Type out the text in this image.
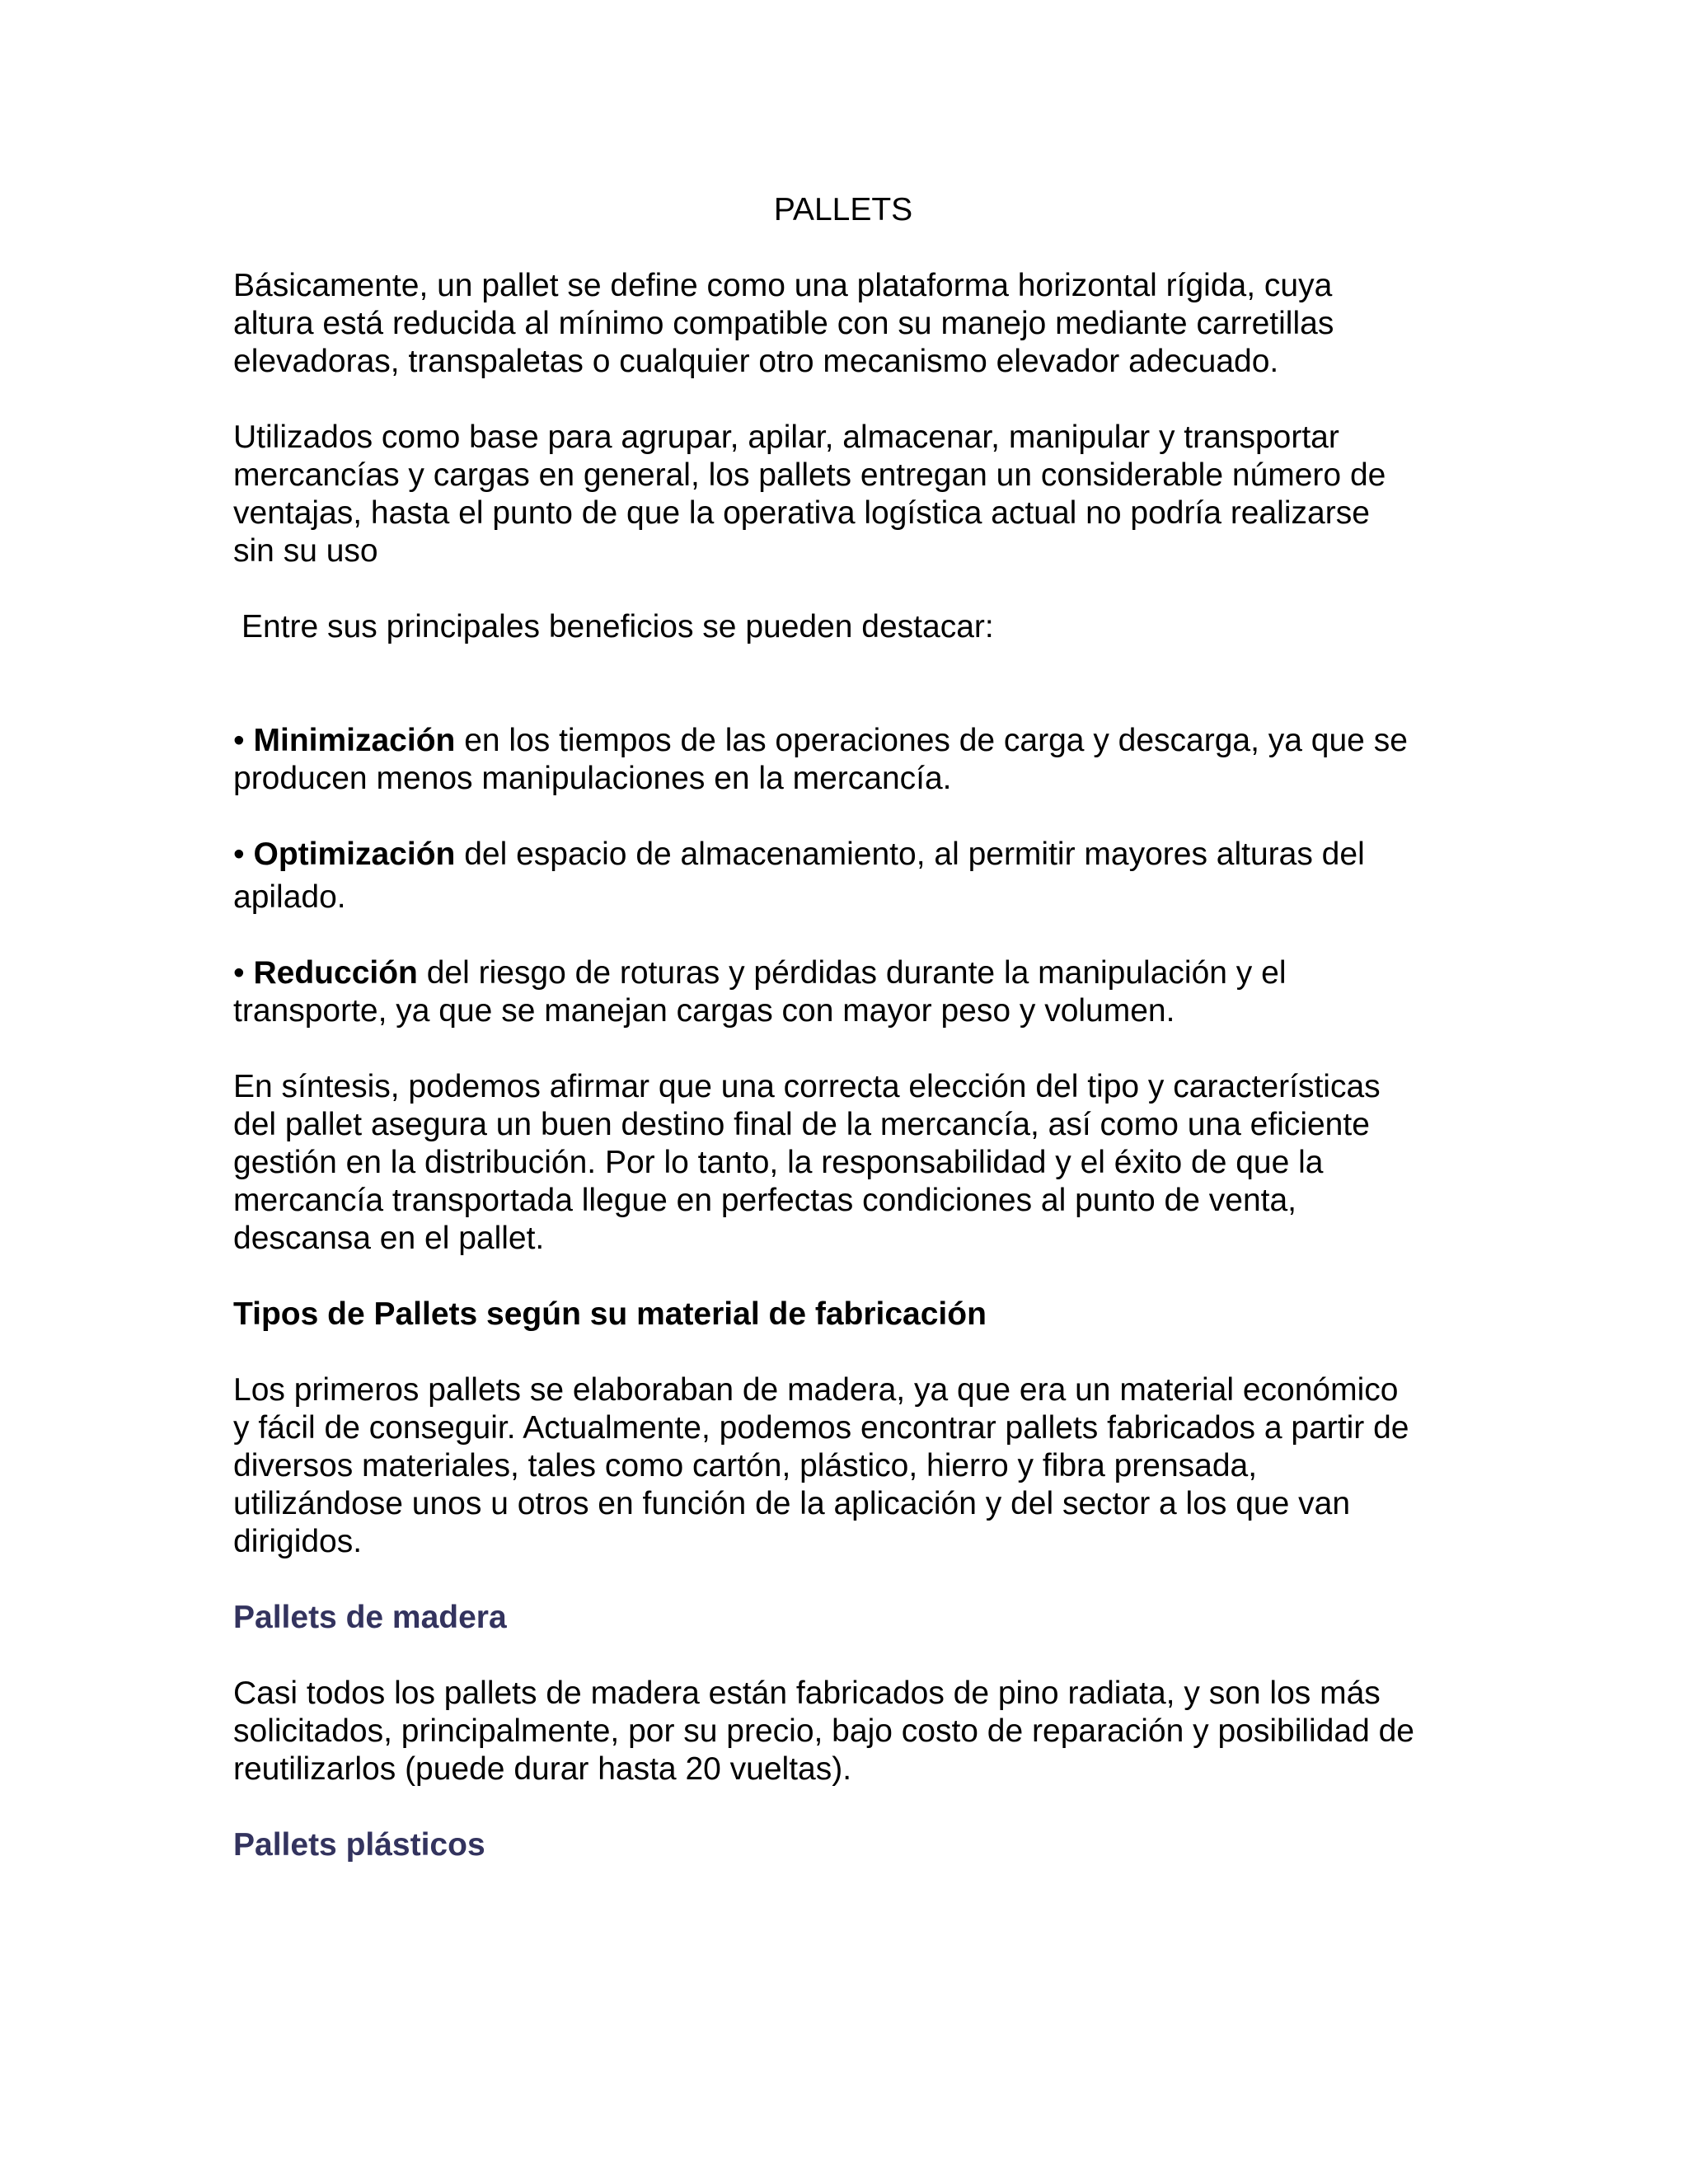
PALLETS

Básicamente, un pallet se define como una plataforma horizontal rígida, cuya
altura está reducida al mínimo compatible con su manejo mediante carretillas
elevadoras, transpaletas o cualquier otro mecanismo elevador adecuado.

Utilizados como base para agrupar, apilar, almacenar, manipular y transportar
mercancías y cargas en general, los pallets entregan un considerable número de
ventajas, hasta el punto de que la operativa logística actual no podría realizarse
sin su uso

Entre sus principales beneficios se pueden destacar:

• Minimización en los tiempos de las operaciones de carga y descarga, ya que se
producen menos manipulaciones en la mercancía.

• Optimización del espacio de almacenamiento, al permitir mayores alturas del
apilado.

• Reducción del riesgo de roturas y pérdidas durante la manipulación y el
transporte, ya que se manejan cargas con mayor peso y volumen.

En síntesis, podemos afirmar que una correcta elección del tipo y características
del pallet asegura un buen destino final de la mercancía, así como una eficiente
gestión en la distribución. Por lo tanto, la responsabilidad y el éxito de que la
mercancía transportada llegue en perfectas condiciones al punto de venta,
descansa en el pallet.

Tipos de Pallets según su material de fabricación

Los primeros pallets se elaboraban de madera, ya que era un material económico
y fácil de conseguir. Actualmente, podemos encontrar pallets fabricados a partir de
diversos materiales, tales como cartón, plástico, hierro y fibra prensada,
utilizándose unos u otros en función de la aplicación y del sector a los que van
dirigidos.

Pallets de madera

Casi todos los pallets de madera están fabricados de pino radiata, y son los más
solicitados, principalmente, por su precio, bajo costo de reparación y posibilidad de
reutilizarlos (puede durar hasta 20 vueltas).

Pallets plásticos
